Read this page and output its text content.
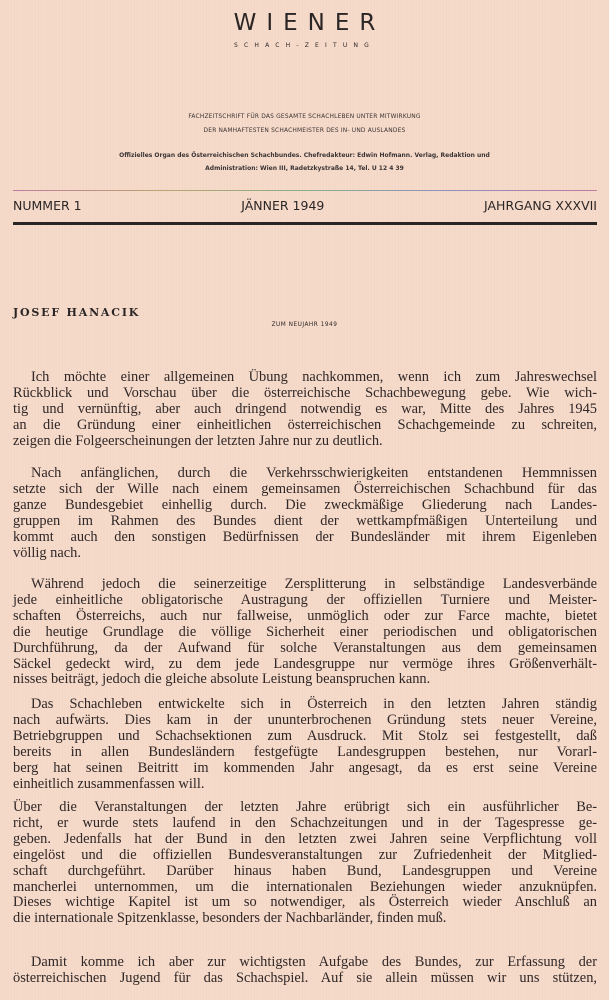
WIENER
SCHACH-ZEITUNG
FACHZEITSCHRIFT FÜR DAS GESAMTE SCHACHLEBEN UNTER MITWIRKUNG
DER NAMHAFTESTEN SCHACHMEISTER DES IN- UND AUSLANDES
Offizielles Organ des Österreichischen Schachbundes. Chefredakteur: Edwin Hofmann. Verlag, Redaktion und
Administration: Wien III, Radetzkystraße 14, Tel. U 12 4 39
NUMMER 1	JÄNNER 1949	JAHRGANG XXXVII
JOSEF HANACIK
ZUM NEUJAHR 1949
Ich möchte einer allgemeinen Übung nachkommen, wenn ich zum Jahreswechsel
Rückblick und Vorschau über die österreichische Schachbewegung gebe. Wie wich-
tig und vernünftig, aber auch dringend notwendig es war, Mitte des Jahres 1945
an die Gründung einer einheitlichen österreichischen Schachgemeinde zu schreiten,
zeigen die Folgeerscheinungen der letzten Jahre nur zu deutlich.
Nach anfänglichen, durch die Verkehrsschwierigkeiten entstandenen Hemmnissen
setzte sich der Wille nach einem gemeinsamen Österreichischen Schachbund für das
ganze Bundesgebiet einhellig durch. Die zweckmäßige Gliederung nach Landes-
gruppen im Rahmen des Bundes dient der wettkampfmäßigen Unterteilung und
kommt auch den sonstigen Bedürfnissen der Bundesländer mit ihrem Eigenleben
völlig nach.
Während jedoch die seinerzeitige Zersplitterung in selbständige Landesverbände
jede einheitliche obligatorische Austragung der offiziellen Turniere und Meister-
schaften Österreichs, auch nur fallweise, unmöglich oder zur Farce machte, bietet
die heutige Grundlage die völlige Sicherheit einer periodischen und obligatorischen
Durchführung, da der Aufwand für solche Veranstaltungen aus dem gemeinsamen
Säckel gedeckt wird, zu dem jede Landesgruppe nur vermöge ihres Größenverhält-
nisses beiträgt, jedoch die gleiche absolute Leistung beanspruchen kann.
Das Schachleben entwickelte sich in Österreich in den letzten Jahren ständig
nach aufwärts. Dies kam in der ununterbrochenen Gründung stets neuer Vereine,
Betriebgruppen und Schachsektionen zum Ausdruck. Mit Stolz sei festgestellt, daß
bereits in allen Bundesländern festgefügte Landesgruppen bestehen, nur Vorarl-
berg hat seinen Beitritt im kommenden Jahr angesagt, da es erst seine Vereine
einheitlich zusammenfassen will.
Über die Veranstaltungen der letzten Jahre erübrigt sich ein ausführlicher Be-
richt, er wurde stets laufend in den Schachzeitungen und in der Tagespresse ge-
geben. Jedenfalls hat der Bund in den letzten zwei Jahren seine Verpflichtung voll
eingelöst und die offiziellen Bundesveranstaltungen zur Zufriedenheit der Mitglied-
schaft durchgeführt. Darüber hinaus haben Bund, Landesgruppen und Vereine
mancherlei unternommen, um die internationalen Beziehungen wieder anzuknüpfen.
Dieses wichtige Kapitel ist um so notwendiger, als Österreich wieder Anschluß an
die internationale Spitzenklasse, besonders der Nachbarländer, finden muß.
Damit komme ich aber zur wichtigsten Aufgabe des Bundes, zur Erfassung der
österreichischen Jugend für das Schachspiel. Auf sie allein müssen wir uns stützen,
